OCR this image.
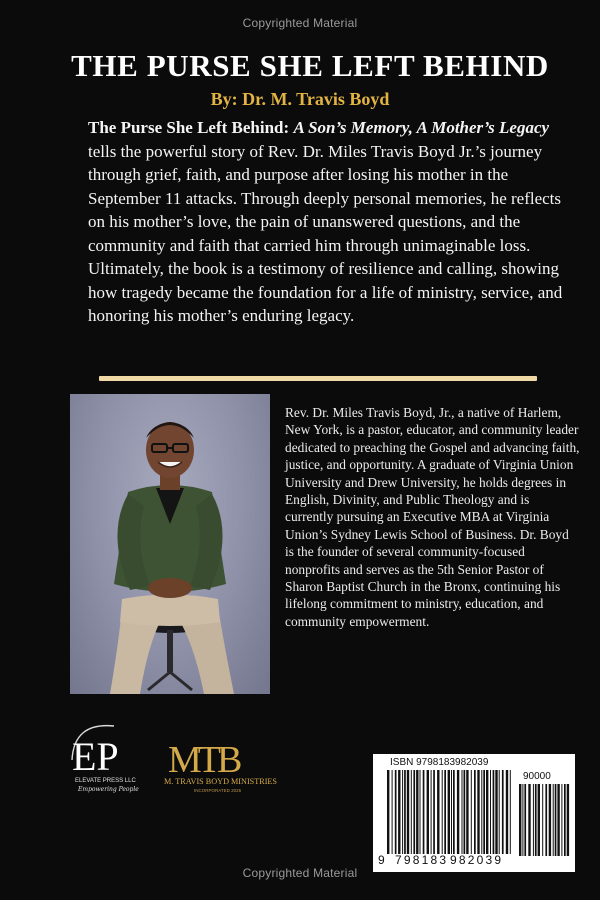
Copyrighted Material
THE PURSE SHE LEFT BEHIND
By: Dr. M. Travis Boyd
The Purse She Left Behind: A Son’s Memory, A Mother’s Legacy tells the powerful story of Rev. Dr. Miles Travis Boyd Jr.’s journey through grief, faith, and purpose after losing his mother in the September 11 attacks. Through deeply personal memories, he reflects on his mother’s love, the pain of unanswered questions, and the community and faith that carried him through unimaginable loss. Ultimately, the book is a testimony of resilience and calling, showing how tragedy became the foundation for a life of ministry, service, and honoring his mother’s enduring legacy.
Rev. Dr. Miles Travis Boyd, Jr., a native of Harlem, New York, is a pastor, educator, and community leader dedicated to preaching the Gospel and advancing faith, justice, and opportunity. A graduate of Virginia Union University and Drew University, he holds degrees in English, Divinity, and Public Theology and is currently pursuing an Executive MBA at Virginia Union’s Sydney Lewis School of Business. Dr. Boyd is the founder of several community-focused nonprofits and serves as the 5th Senior Pastor of Sharon Baptist Church in the Bronx, continuing his lifelong commitment to ministry, education, and community empowerment.
EP
ELEVATE PRESS LLC
Empowering People
MTB
M. TRAVIS BOYD MINISTRIES
INCORPORATED 2025
ISBN 9798183982039
90000
9 798183 982039
Copyrighted Material
